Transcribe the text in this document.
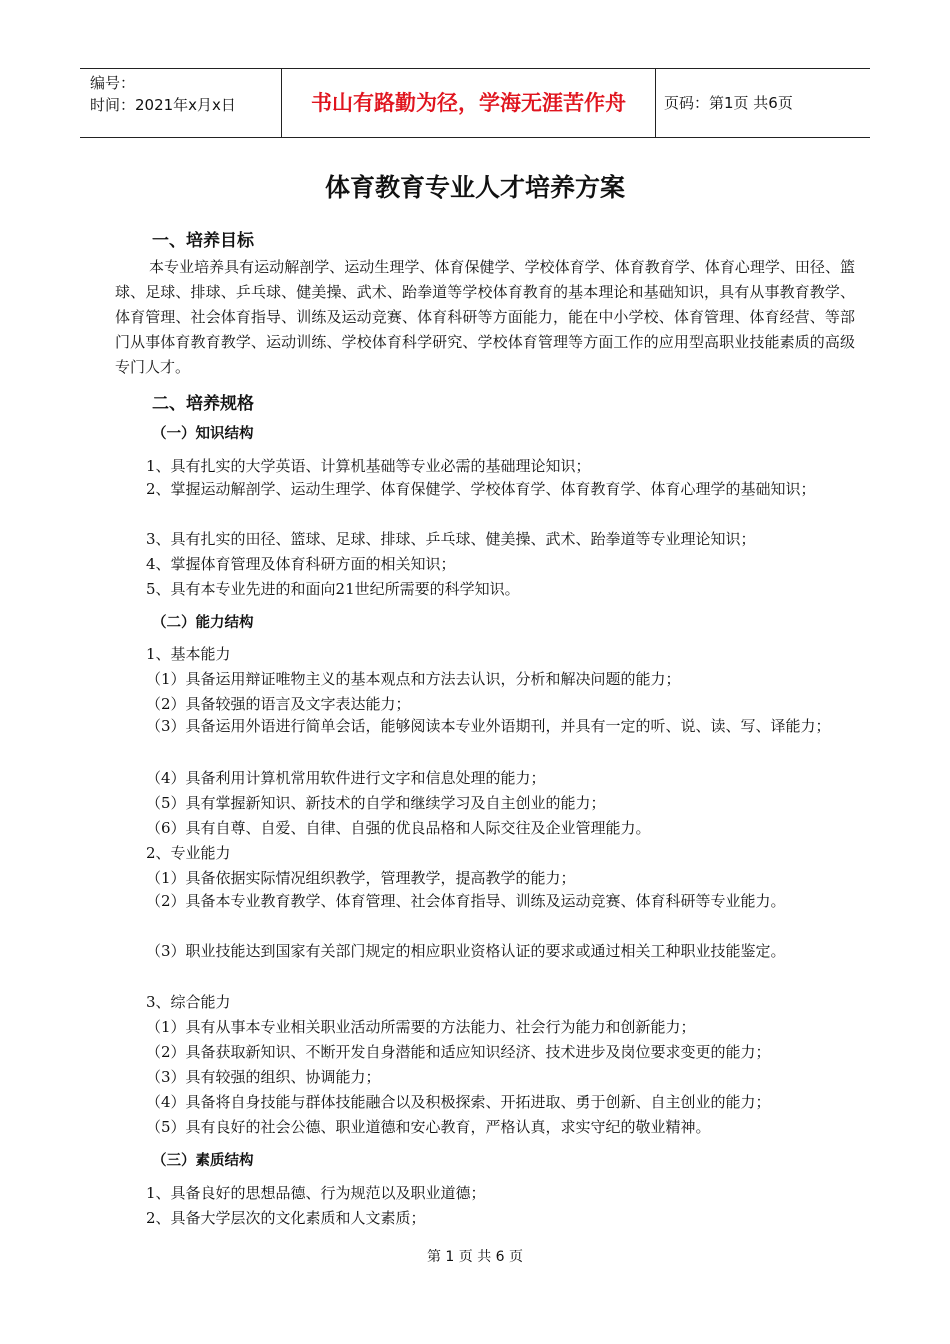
编号：
时间：2021年x月x日	书山有路勤为径，学海无涯苦作舟	页码：第1页 共6页
体育教育专业人才培养方案
一、培养目标
本专业培养具有运动解剖学、运动生理学、体育保健学、学校体育学、体育教育学、体育心理学、田径、篮球、足球、排球、乒乓球、健美操、武术、跆拳道等学校体育教育的基本理论和基础知识，具有从事教育教学、体育管理、社会体育指导、训练及运动竞赛、体育科研等方面能力，能在中小学校、体育管理、体育经营、等部门从事体育教育教学、运动训练、学校体育科学研究、学校体育管理等方面工作的应用型高职业技能素质的高级专门人才。
二、培养规格
（一）知识结构
1、具有扎实的大学英语、计算机基础等专业必需的基础理论知识；
2、掌握运动解剖学、运动生理学、体育保健学、学校体育学、体育教育学、体育心理学的基础知识；
3、具有扎实的田径、篮球、足球、排球、乒乓球、健美操、武术、跆拳道等专业理论知识；
4、掌握体育管理及体育科研方面的相关知识；
5、具有本专业先进的和面向21世纪所需要的科学知识。
（二）能力结构
1、基本能力
（1）具备运用辩证唯物主义的基本观点和方法去认识，分析和解决问题的能力；
（2）具备较强的语言及文字表达能力；
（3）具备运用外语进行简单会话，能够阅读本专业外语期刊，并具有一定的听、说、读、写、译能力；
（4）具备利用计算机常用软件进行文字和信息处理的能力；
（5）具有掌握新知识、新技术的自学和继续学习及自主创业的能力；
（6）具有自尊、自爱、自律、自强的优良品格和人际交往及企业管理能力。
2、专业能力
（1）具备依据实际情况组织教学，管理教学，提高教学的能力；
（2）具备本专业教育教学、体育管理、社会体育指导、训练及运动竞赛、体育科研等专业能力。
（3）职业技能达到国家有关部门规定的相应职业资格认证的要求或通过相关工种职业技能鉴定。
3、综合能力
（1）具有从事本专业相关职业活动所需要的方法能力、社会行为能力和创新能力；
（2）具备获取新知识、不断开发自身潜能和适应知识经济、技术进步及岗位要求变更的能力；
（3）具有较强的组织、协调能力；
（4）具备将自身技能与群体技能融合以及积极探索、开拓进取、勇于创新、自主创业的能力；
（5）具有良好的社会公德、职业道德和安心教育，严格认真，求实守纪的敬业精神。
（三）素质结构
1、具备良好的思想品德、行为规范以及职业道德；
2、具备大学层次的文化素质和人文素质；
第 1 页 共 6 页
